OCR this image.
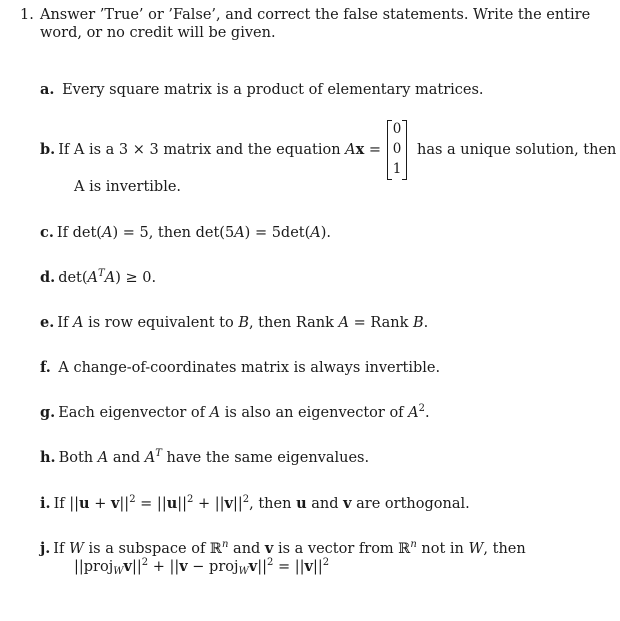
1. Answer ’True’ or ’False’, and correct the false statements. Write the entire word, or no credit will be given.
a. Every square matrix is a product of elementary matrices.
b. If A is a 3 × 3 matrix and the equation Ax =
0
0
1
has a unique solution, then
A is invertible.
c. If det(A) = 5, then det(5A) = 5det(A).
d. $\det(A^TA) \ge 0$.
e. If A is row equivalent to B, then Rank A = Rank B.
f. A change-of-coordinates matrix is always invertible.
g. Each eigenvector of A is also an eigenvector of $A^2$.
h. Both A and $A^T$ have the same eigenvalues.
i. If $||u + v||^2 = ||u||^2 + ||v||^2$, then u and v are orthogonal.
j. If W is a subspace of ℝ$^n$ and v is a vector from ℝ$^n$ not in W, then
$||proj_Wv||^2 + ||v$ − $proj_Wv||^2 = ||v||^2$
